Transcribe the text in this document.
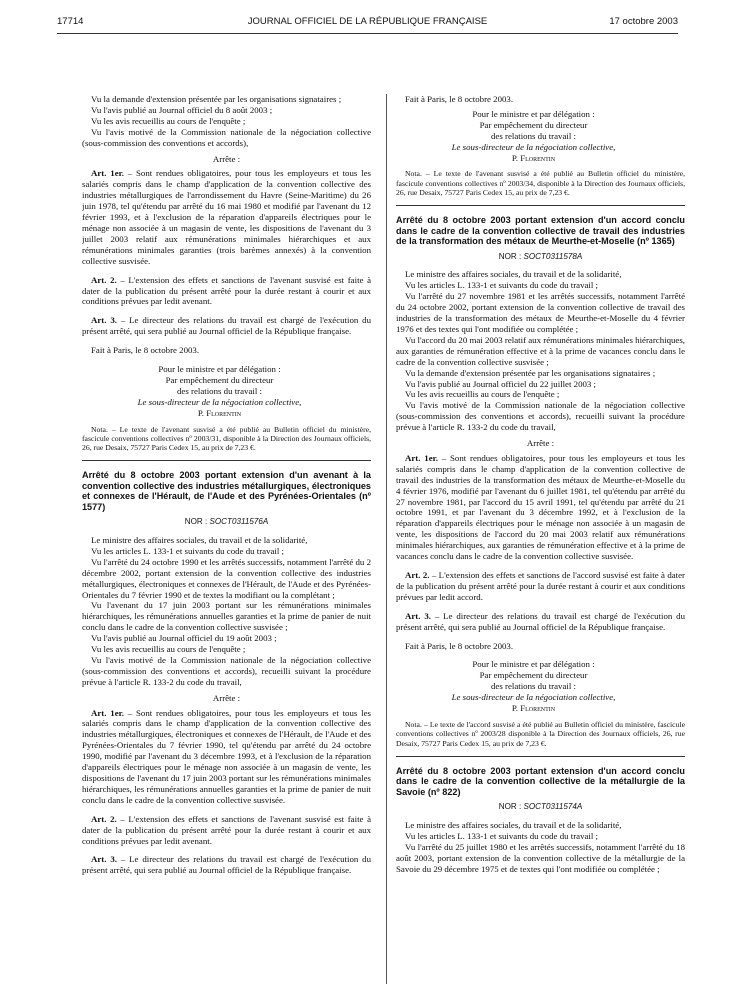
17714	JOURNAL OFFICIEL DE LA RÉPUBLIQUE FRANÇAISE	17 octobre 2003

Vu la demande d'extension présentée par les organisations signataires ;

Vu l'avis publié au Journal officiel du 8 août 2003 ;

Vu les avis recueillis au cours de l'enquête ;

Vu l'avis motivé de la Commission nationale de la négociation collective (sous-commission des conventions et accords),

Arrête :

Art. 1er. – Sont rendues obligatoires, pour tous les employeurs et tous les salariés compris dans le champ d'application de la convention collective des industries métallurgiques de l'arrondissement du Havre (Seine-Maritime) du 26 juin 1978, tel qu'étendu par arrêté du 16 mai 1980 et modifié par l'avenant du 12 février 1993, et à l'exclusion de la réparation d'appareils électriques pour le ménage non associée à un magasin de vente, les dispositions de l'avenant du 3 juillet 2003 relatif aux rémunérations minimales hiérarchiques et aux rémunérations minimales garanties (trois barèmes annexés) à la convention collective susvisée.

Art. 2. – L'extension des effets et sanctions de l'avenant susvisé est faite à dater de la publication du présent arrêté pour la durée restant à courir et aux conditions prévues par ledit avenant.

Art. 3. – Le directeur des relations du travail est chargé de l'exécution du présent arrêté, qui sera publié au Journal officiel de la République française.

Fait à Paris, le 8 octobre 2003.

Pour le ministre et par délégation :
Par empêchement du directeur
des relations du travail :
Le sous-directeur de la négociation collective,
P. Florentin

Nota. – Le texte de l'avenant susvisé a été publié au Bulletin officiel du ministère, fascicule conventions collectives nº 2003/31, disponible à la Direction des Journaux officiels, 26, rue Desaix, 75727 Paris Cedex 15, au prix de 7,23 €.

Arrêté du 8 octobre 2003 portant extension d'un avenant à la convention collective des industries métallurgiques, électroniques et connexes de l'Hérault, de l'Aude et des Pyrénées-Orientales (nº 1577)

NOR : SOCT0311576A

Le ministre des affaires sociales, du travail et de la solidarité,

Vu les articles L. 133-1 et suivants du code du travail ;

Vu l'arrêté du 24 octobre 1990 et les arrêtés successifs, notamment l'arrêté du 2 décembre 2002, portant extension de la convention collective des industries métallurgiques, électroniques et connexes de l'Hérault, de l'Aude et des Pyrénées-Orientales du 7 février 1990 et de textes la modifiant ou la complétant ;

Vu l'avenant du 17 juin 2003 portant sur les rémunérations minimales hiérarchiques, les rémunérations annuelles garanties et la prime de panier de nuit conclu dans le cadre de la convention collective susvisée ;

Vu l'avis publié au Journal officiel du 19 août 2003 ;

Vu les avis recueillis au cours de l'enquête ;

Vu l'avis motivé de la Commission nationale de la négociation collective (sous-commission des conventions et accords), recueilli suivant la procédure prévue à l'article R. 133-2 du code du travail,

Arrête :

Art. 1er. – Sont rendues obligatoires, pour tous les employeurs et tous les salariés compris dans le champ d'application de la convention collective des industries métallurgiques, électroniques et connexes de l'Hérault, de l'Aude et des Pyrénées-Orientales du 7 février 1990, tel qu'étendu par arrêté du 24 octobre 1990, modifié par l'avenant du 3 décembre 1993, et à l'exclusion de la réparation d'appareils électriques pour le ménage non associée à un magasin de vente, les dispositions de l'avenant du 17 juin 2003 portant sur les rémunérations minimales hiérarchiques, les rémunérations annuelles garanties et la prime de panier de nuit conclu dans le cadre de la convention collective susvisée.

Art. 2. – L'extension des effets et sanctions de l'avenant susvisé est faite à dater de la publication du présent arrêté pour la durée restant à courir et aux conditions prévues par ledit avenant.

Art. 3. – Le directeur des relations du travail est chargé de l'exécution du présent arrêté, qui sera publié au Journal officiel de la République française.

Fait à Paris, le 8 octobre 2003.

Pour le ministre et par délégation :
Par empêchement du directeur
des relations du travail :
Le sous-directeur de la négociation collective,
P. Florentin

Nota. – Le texte de l'avenant susvisé a été publié au Bulletin officiel du ministère, fascicule conventions collectives nº 2003/34, disponible à la Direction des Journaux officiels, 26, rue Desaix, 75727 Paris Cedex 15, au prix de 7,23 €.

Arrêté du 8 octobre 2003 portant extension d'un accord conclu dans le cadre de la convention collective de travail des industries de la transformation des métaux de Meurthe-et-Moselle (nº 1365)

NOR : SOCT0311578A

Le ministre des affaires sociales, du travail et de la solidarité,

Vu les articles L. 133-1 et suivants du code du travail ;

Vu l'arrêté du 27 novembre 1981 et les arrêtés successifs, notamment l'arrêté du 24 octobre 2002, portant extension de la convention collective de travail des industries de la transformation des métaux de Meurthe-et-Moselle du 4 février 1976 et des textes qui l'ont modifiée ou complétée ;

Vu l'accord du 20 mai 2003 relatif aux rémunérations minimales hiérarchiques, aux garanties de rémunération effective et à la prime de vacances conclu dans le cadre de la convention collective susvisée ;

Vu la demande d'extension présentée par les organisations signataires ;

Vu l'avis publié au Journal officiel du 22 juillet 2003 ;

Vu les avis recueillis au cours de l'enquête ;

Vu l'avis motivé de la Commission nationale de la négociation collective (sous-commission des conventions et accords), recueilli suivant la procédure prévue à l'article R. 133-2 du code du travail,

Arrête :

Art. 1er. – Sont rendues obligatoires, pour tous les employeurs et tous les salariés compris dans le champ d'application de la convention collective de travail des industries de la transformation des métaux de Meurthe-et-Moselle du 4 février 1976, modifié par l'avenant du 6 juillet 1981, tel qu'étendu par arrêté du 27 novembre 1981, par l'accord du 15 avril 1991, tel qu'étendu par arrêté du 21 octobre 1991, et par l'avenant du 3 décembre 1992, et à l'exclusion de la réparation d'appareils électriques pour le ménage non associée à un magasin de vente, les dispositions de l'accord du 20 mai 2003 relatif aux rémunérations minimales hiérarchiques, aux garanties de rémunération effective et à la prime de vacances conclu dans le cadre de la convention collective susvisée.

Art. 2. – L'extension des effets et sanctions de l'accord susvisé est faite à dater de la publication du présent arrêté pour la durée restant à courir et aux conditions prévues par ledit accord.

Art. 3. – Le directeur des relations du travail est chargé de l'exécution du présent arrêté, qui sera publié au Journal officiel de la République française.

Fait à Paris, le 8 octobre 2003.

Pour le ministre et par délégation :
Par empêchement du directeur
des relations du travail :
Le sous-directeur de la négociation collective,
P. Florentin

Nota. – Le texte de l'accord susvisé a été publié au Bulletin officiel du ministère, fascicule conventions collectives nº 2003/28 disponible à la Direction des Journaux officiels, 26, rue Desaix, 75727 Paris Cedex 15, au prix de 7,23 €.

Arrêté du 8 octobre 2003 portant extension d'un accord conclu dans le cadre de la convention collective de la métallurgie de la Savoie (nº 822)

NOR : SOCT0311574A

Le ministre des affaires sociales, du travail et de la solidarité,

Vu les articles L. 133-1 et suivants du code du travail ;

Vu l'arrêté du 25 juillet 1980 et les arrêtés successifs, notamment l'arrêté du 18 août 2003, portant extension de la convention collective de la métallurgie de la Savoie du 29 décembre 1975 et de textes qui l'ont modifiée ou complétée ;
